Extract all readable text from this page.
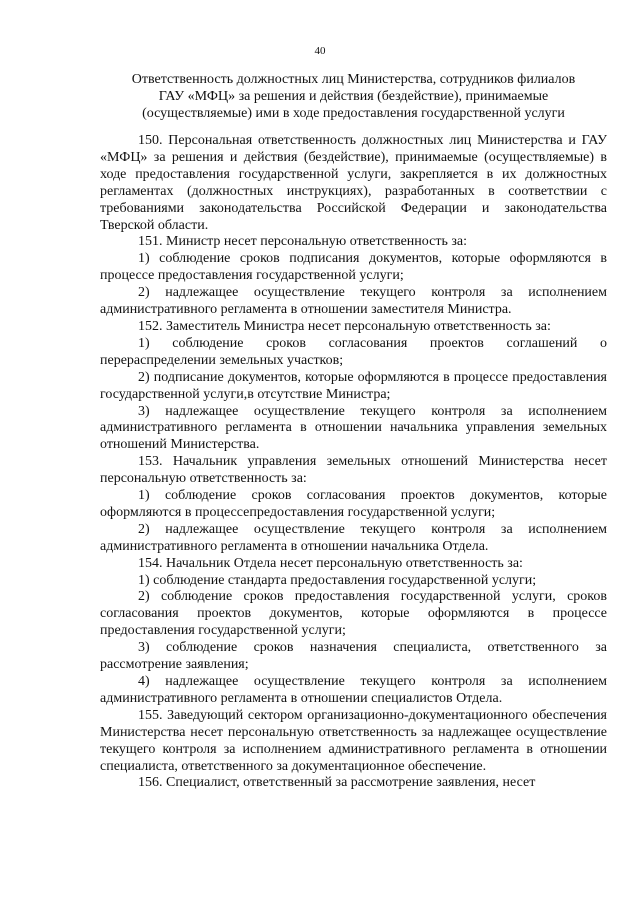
40
Ответственность должностных лиц Министерства, сотрудников филиалов
ГАУ «МФЦ» за решения и действия (бездействие), принимаемые
(осуществляемые) ими в ходе предоставления государственной услуги

150. Персональная ответственность должностных лиц Министерства и ГАУ «МФЦ» за решения и действия (бездействие), принимаемые (осуществляемые) в ходе предоставления государственной услуги, закрепляется в их должностных регламентах (должностных инструкциях), разработанных в соответствии с требованиями законодательства Российской Федерации и законодательства Тверской области.

151. Министр несет персональную ответственность за:

1) соблюдение сроков подписания документов, которые оформляются в процессе предоставления государственной услуги;

2) надлежащее осуществление текущего контроля за исполнением административного регламента в отношении заместителя Министра.

152. Заместитель Министра несет персональную ответственность за:

1) соблюдение сроков согласования проектов соглашений о перераспределении земельных участков;

2) подписание документов, которые оформляются в процессе предоставления государственной услуги,в отсутствие Министра;

3) надлежащее осуществление текущего контроля за исполнением административного регламента в отношении начальника управления земельных отношений Министерства.

153. Начальник управления земельных отношений Министерства несет персональную ответственность за:

1) соблюдение сроков согласования проектов документов, которые оформляются в процессепредоставления государственной услуги;

2) надлежащее осуществление текущего контроля за исполнением административного регламента в отношении начальника Отдела.

154. Начальник Отдела несет персональную ответственность за:

1) соблюдение стандарта предоставления государственной услуги;

2) соблюдение сроков предоставления государственной услуги, сроков согласования проектов документов, которые оформляются в процессе предоставления государственной услуги;

3) соблюдение сроков назначения специалиста, ответственного за рассмотрение заявления;

4) надлежащее осуществление текущего контроля за исполнением административного регламента в отношении специалистов Отдела.

155. Заведующий сектором организационно-документационного обеспечения Министерства несет персональную ответственность за надлежащее осуществление текущего контроля за исполнением административного регламента в отношении специалиста, ответственного за документационное обеспечение.

156. Специалист, ответственный за рассмотрение заявления, несет
